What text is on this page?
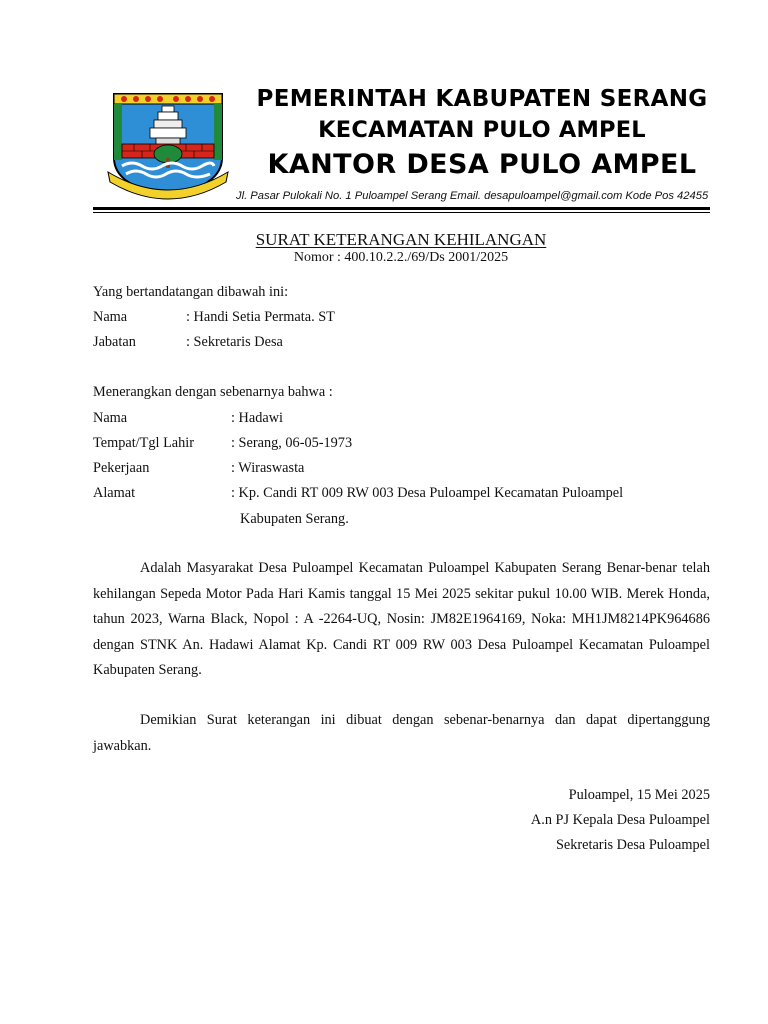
PEMERINTAH KABUPATEN SERANG
KECAMATAN PULO AMPEL
KANTOR DESA PULO AMPEL
Jl. Pasar Pulokali No. 1 Puloampel Serang Email. desapuloampel@gmail.com Kode Pos 42455
SURAT KETERANGAN KEHILANGAN
Nomor : 400.10.2.2./69/Ds 2001/2025
Yang bertandatangan dibawah ini:
Nama	: Handi Setia Permata. ST
Jabatan	: Sekretaris Desa
Menerangkan dengan sebenarnya bahwa :
Nama	: Hadawi
Tempat/Tgl Lahir	: Serang, 06-05-1973
Pekerjaan	: Wiraswasta
Alamat	: Kp. Candi RT 009 RW 003 Desa Puloampel Kecamatan Puloampel
Kabupaten Serang.
Adalah Masyarakat Desa Puloampel Kecamatan Puloampel Kabupaten Serang Benar-benar telah kehilangan Sepeda Motor Pada Hari Kamis tanggal 15 Mei 2025 sekitar pukul 10.00 WIB. Merek Honda, tahun 2023, Warna Black, Nopol : A -2264-UQ, Nosin: JM82E1964169, Noka: MH1JM8214PK964686 dengan STNK An. Hadawi Alamat Kp. Candi RT 009 RW 003 Desa Puloampel Kecamatan Puloampel Kabupaten Serang.
Demikian Surat keterangan ini dibuat dengan sebenar-benarnya dan dapat dipertanggung jawabkan.
Puloampel, 15 Mei 2025
A.n PJ Kepala Desa Puloampel
Sekretaris Desa Puloampel
